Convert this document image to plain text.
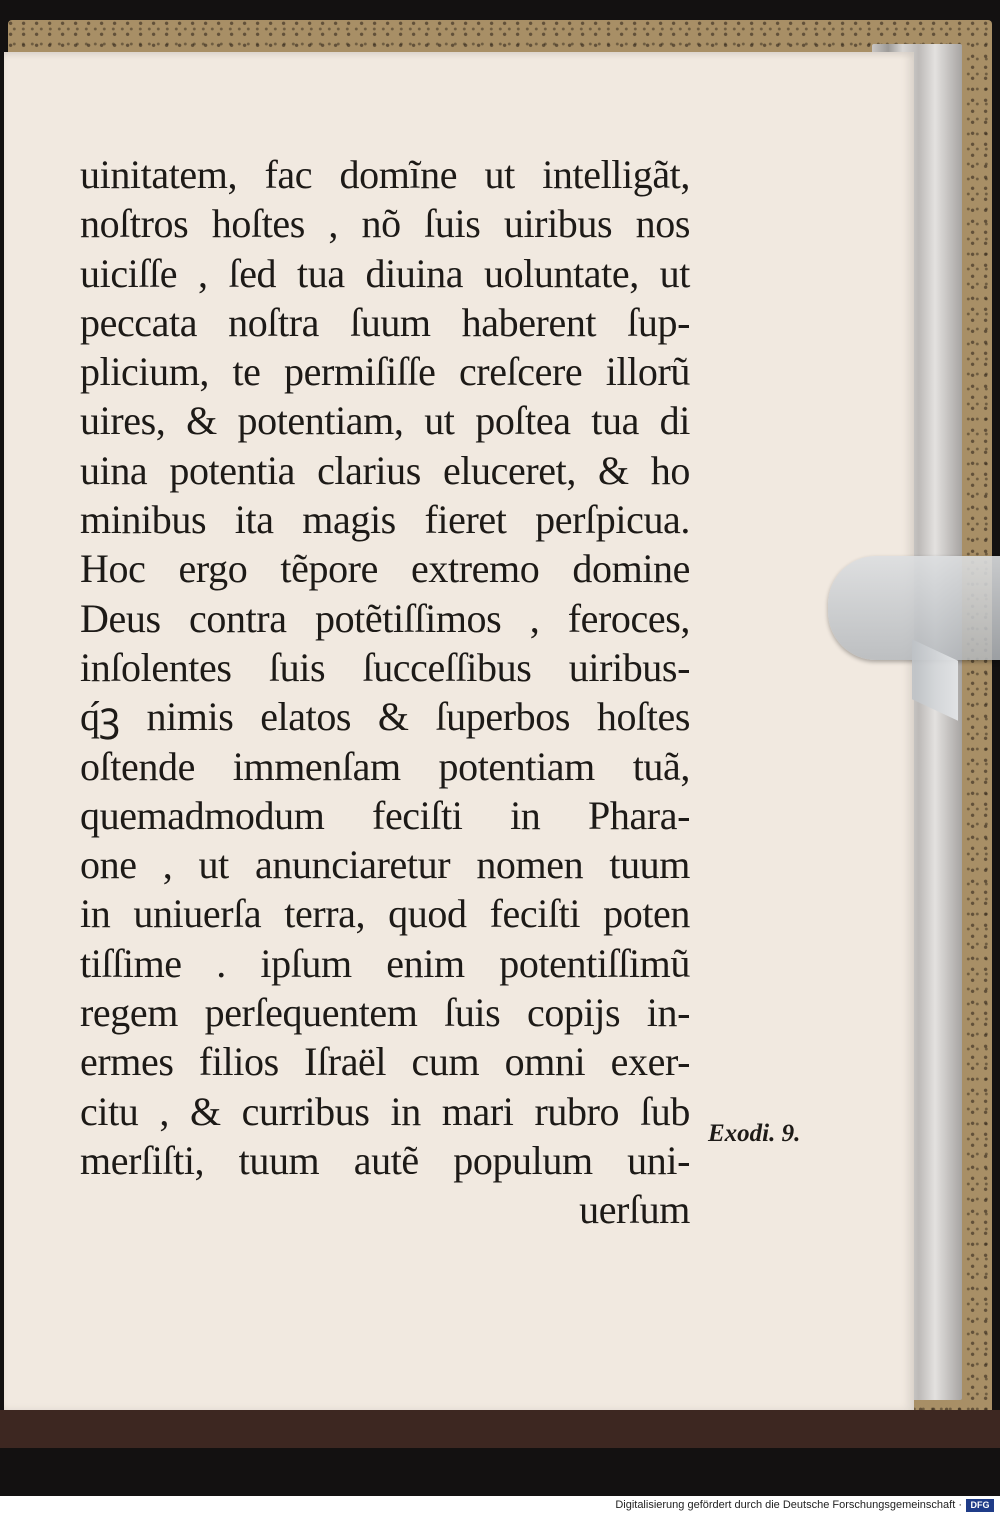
uinitatem, fac domĩne ut intelligãt,
noſtros hoſtes , nõ ſuis uiribus nos
uiciſſe , ſed tua diuina uoluntate, ut
peccata noſtra ſuum haberent ſup-
plicium, te permiſiſſe creſcere illorũ
uires, & potentiam, ut poſtea tua di
uina potentia clarius eluceret, & ho
minibus ita magis fieret perſpicua.
Hoc ergo tẽpore extremo domine
Deus contra potẽtiſſimos , feroces,
inſolentes ſuis ſucceſſibus uiribus-
q́ꝫ nimis elatos & ſuperbos hoſtes
oſtende immenſam potentiam tuã,
quemadmodum feciſti in Phara-
one , ut anunciaretur nomen tuum
in uniuerſa terra, quod feciſti poten
tiſſime . ipſum enim potentiſſimũ
regem perſequentem ſuis copijs in-
ermes filios Iſraël cum omni exer-
citu , & curribus in mari rubro ſub
merſiſti, tuum autẽ populum uni-
uerſum
Exodi. 9.
Digitalisierung gefördert durch die Deutsche Forschungsgemeinschaft · DFG
